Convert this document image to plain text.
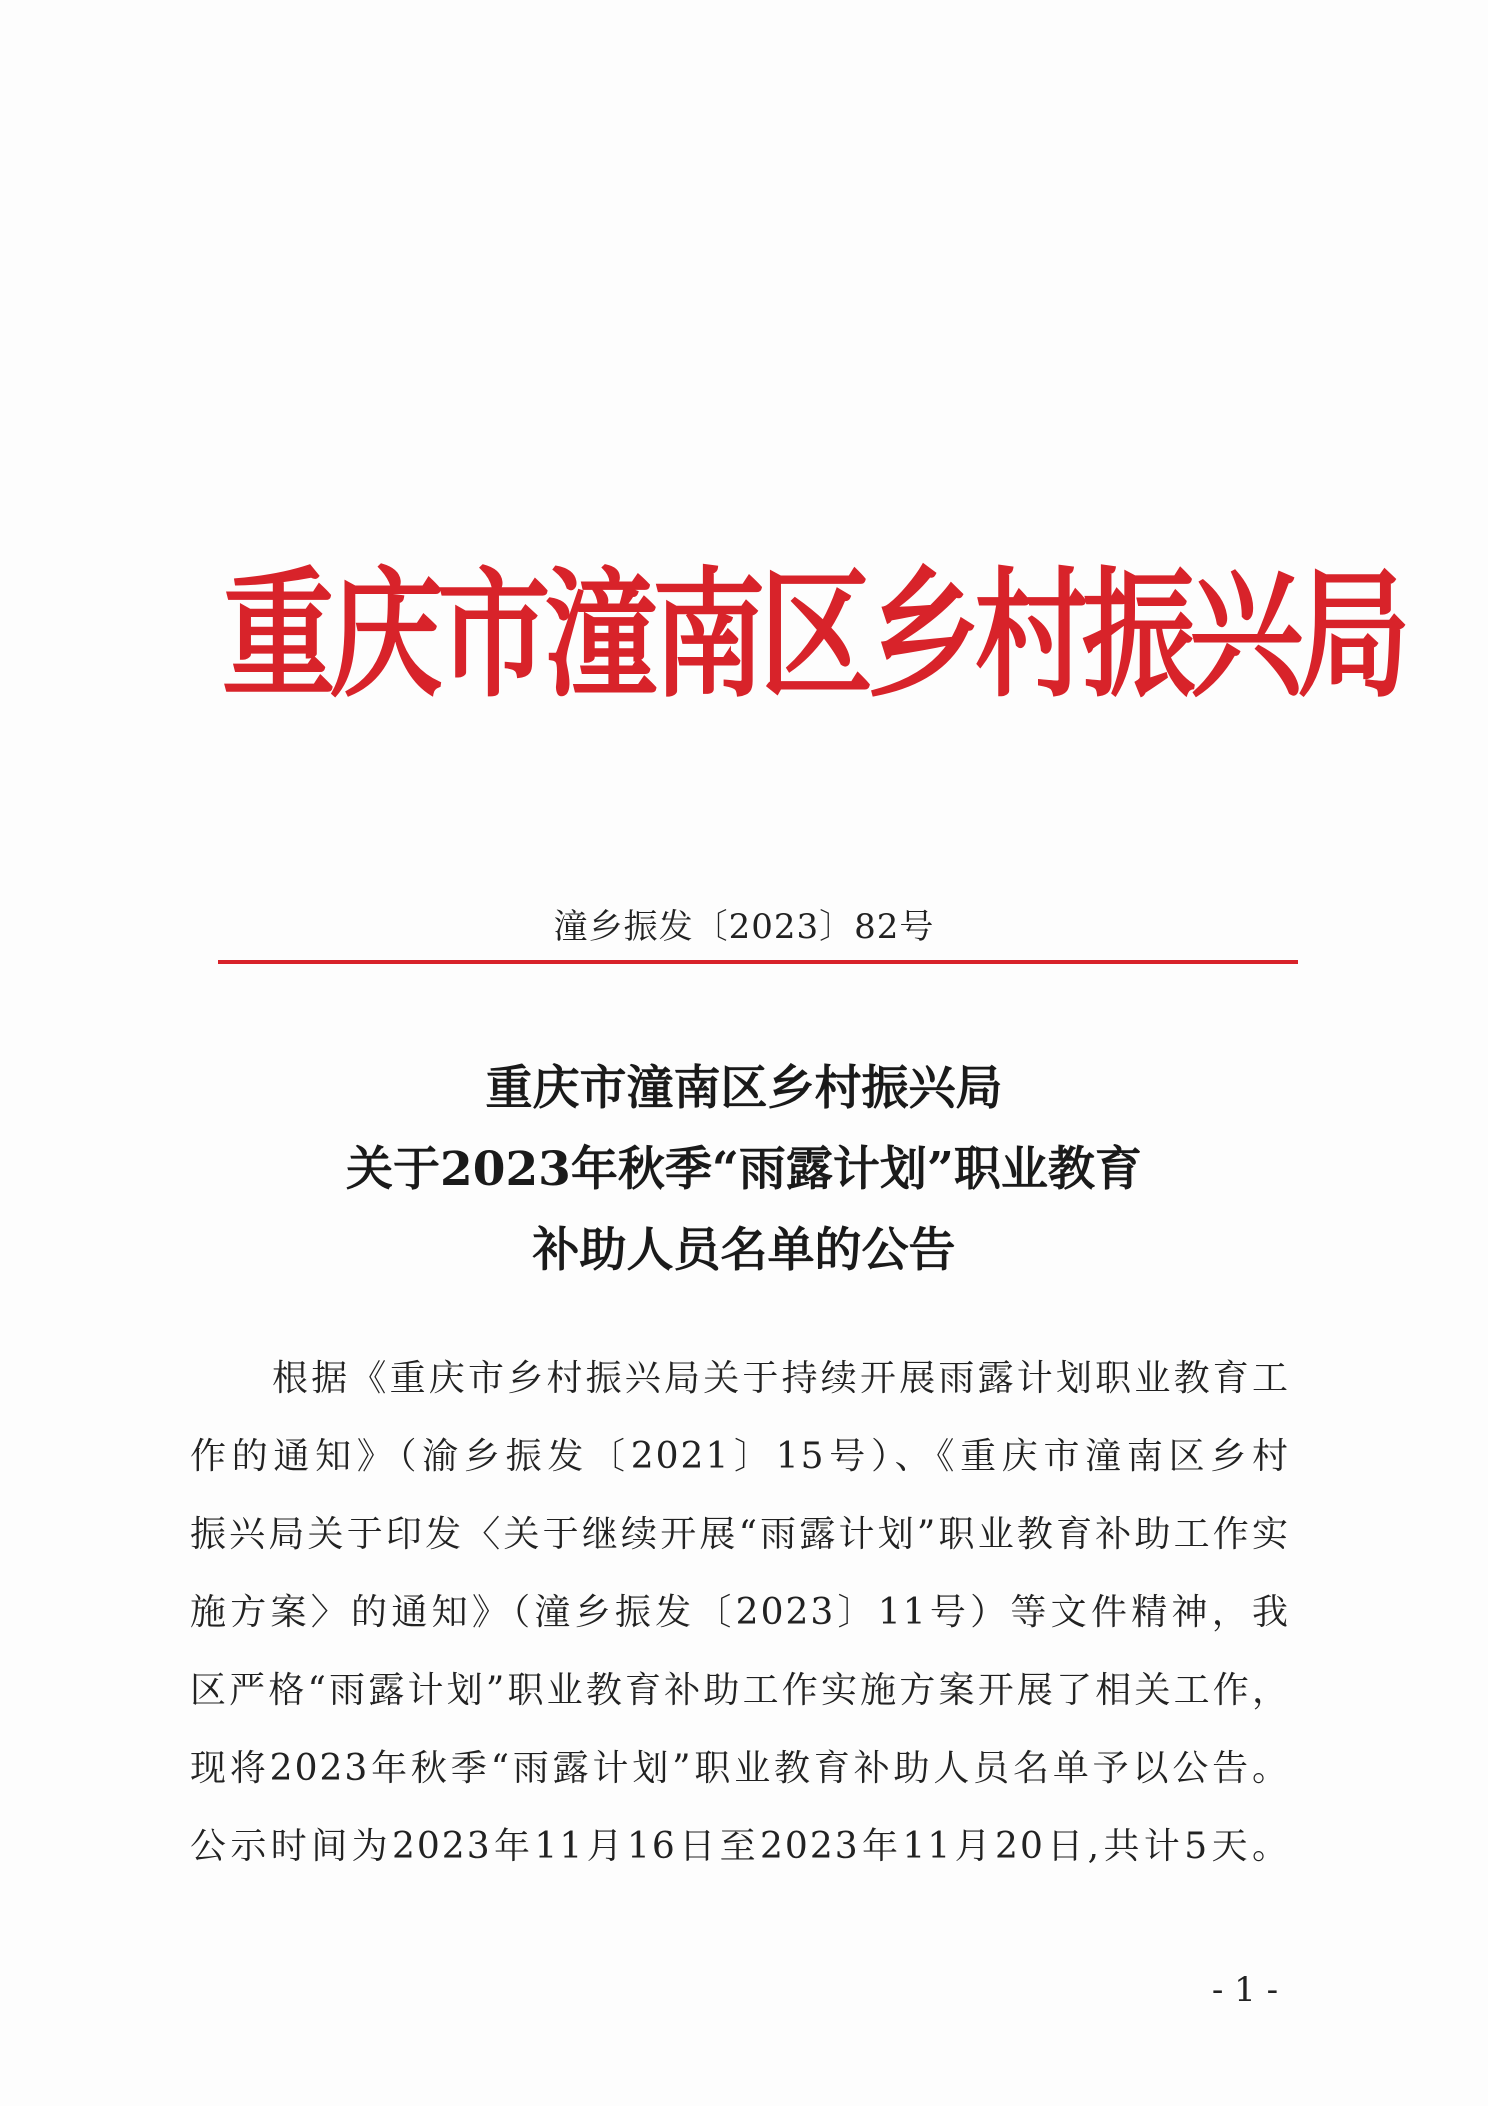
重庆市潼南区乡村振兴局
潼乡振发〔2023〕82号
重庆市潼南区乡村振兴局
关于2023年秋季“雨露计划”职业教育
补助人员名单的公告
根据《重庆市乡村振兴局关于持续开展雨露计划职业教育工
作的通知》（渝乡振发〔2021〕15号）、《重庆市潼南区乡村
振兴局关于印发〈关于继续开展“雨露计划”职业教育补助工作实
施方案〉的通知》（潼乡振发〔2023〕11号）等文件精神，我
区严格“雨露计划”职业教育补助工作实施方案开展了相关工作，
现将2023年秋季“雨露计划”职业教育补助人员名单予以公告。
公示时间为2023年11月16日至2023年11月20日,共计5天。
- 1 -
